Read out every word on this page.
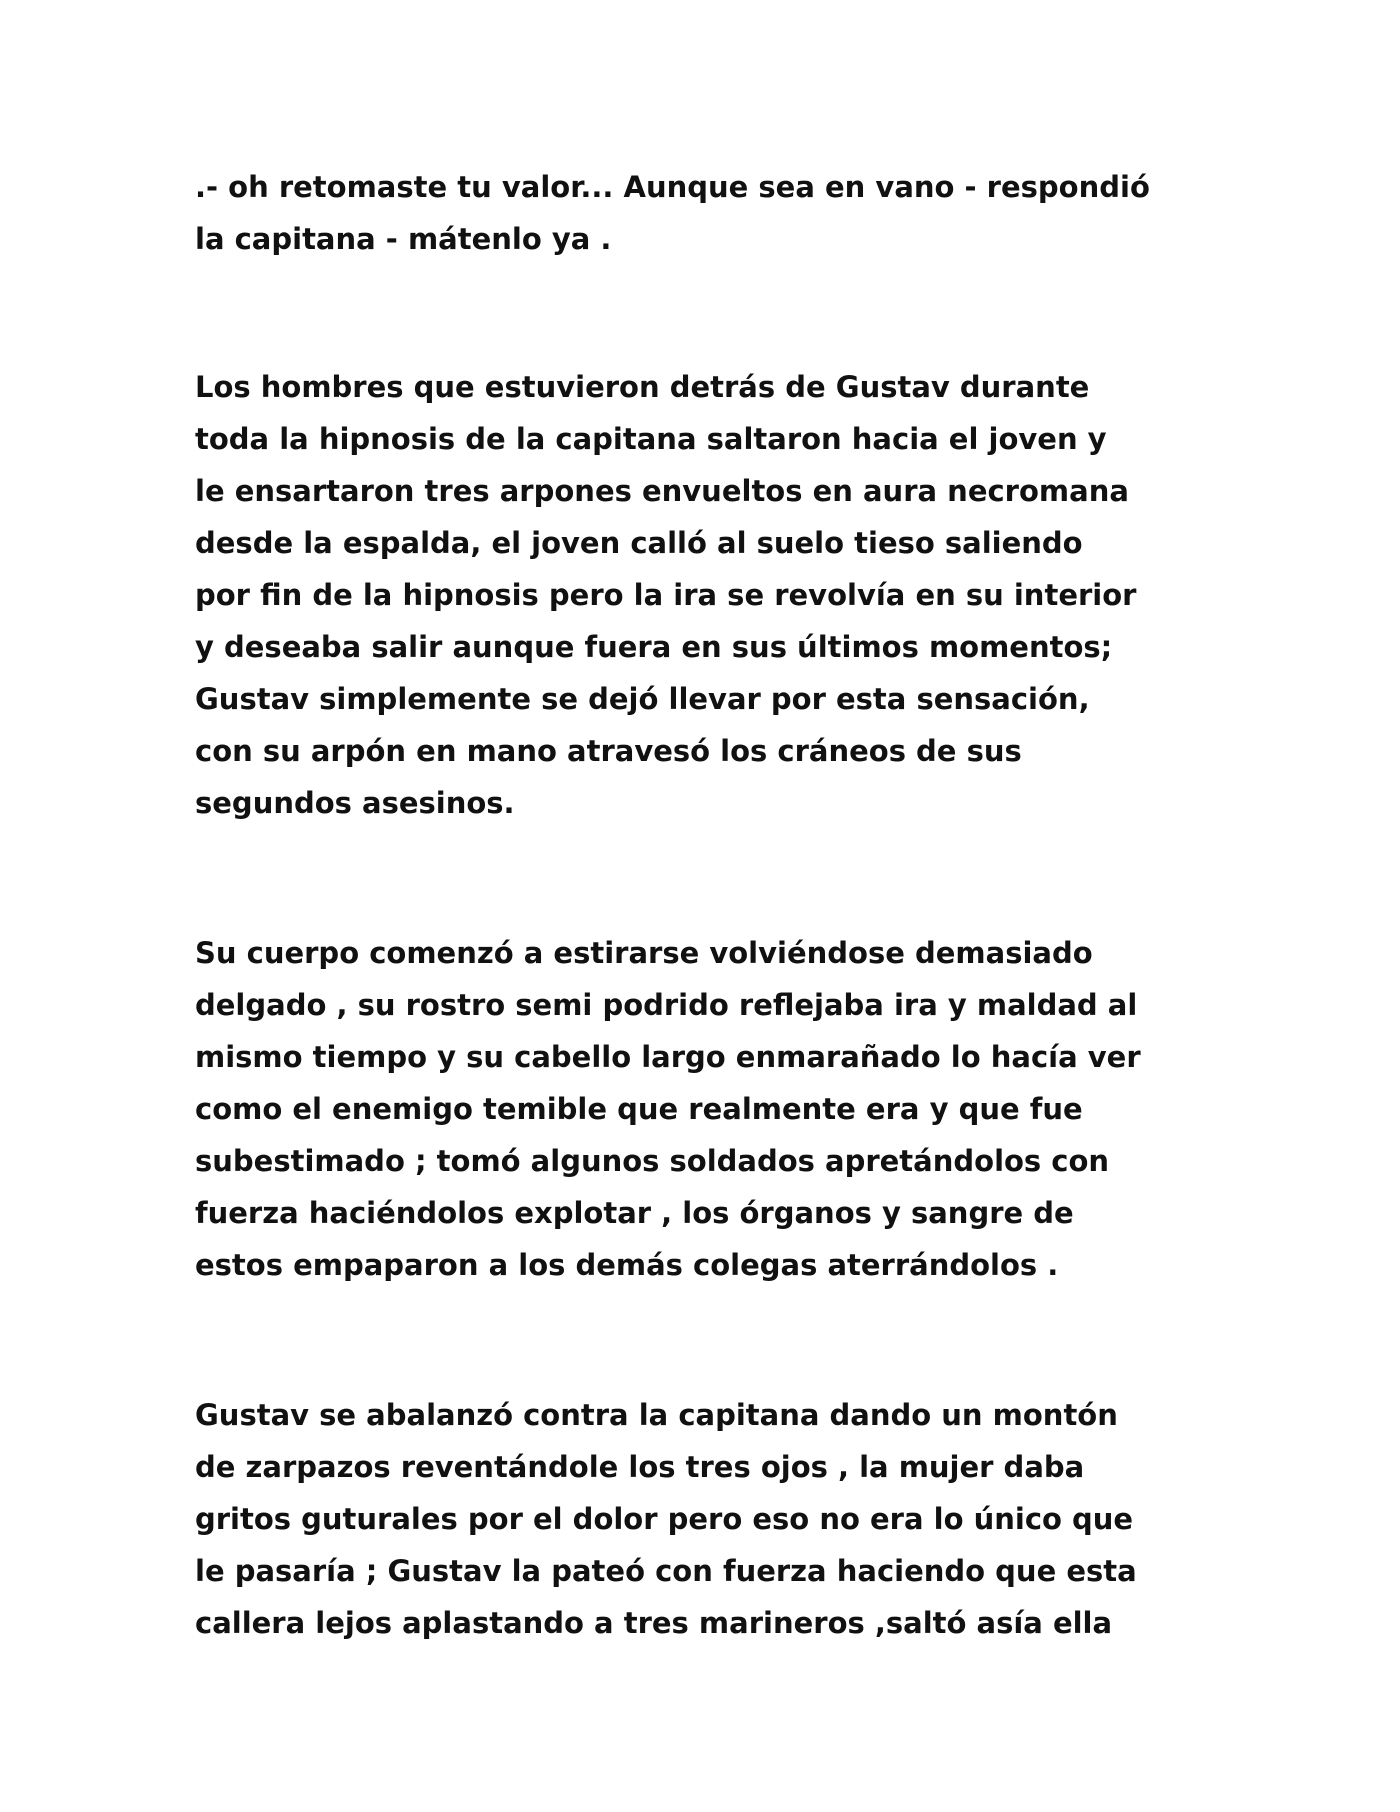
.- oh retomaste tu valor... Aunque sea en vano - respondió
la capitana - mátenlo ya .

Los hombres que estuvieron detrás de Gustav durante
toda la hipnosis de la capitana saltaron hacia el joven y
le ensartaron tres arpones envueltos en aura necromana
desde la espalda, el joven calló al suelo tieso saliendo
por fin de la hipnosis pero la ira se revolvía en su interior
y deseaba salir aunque fuera en sus últimos momentos;
Gustav simplemente se dejó llevar por esta sensación,
con su arpón en mano atravesó los cráneos de sus
segundos asesinos.

Su cuerpo comenzó a estirarse volviéndose demasiado
delgado , su rostro semi podrido reflejaba ira y maldad al
mismo tiempo y su cabello largo enmarañado lo hacía ver
como el enemigo temible que realmente era y que fue
subestimado ; tomó algunos soldados apretándolos con
fuerza haciéndolos explotar , los órganos y sangre de
estos empaparon a los demás colegas aterrándolos .

Gustav se abalanzó contra la capitana dando un montón
de zarpazos reventándole los tres ojos , la mujer daba
gritos guturales por el dolor pero eso no era lo único que
le pasaría ; Gustav la pateó con fuerza haciendo que esta
callera lejos aplastando a tres marineros ,saltó asía ella
